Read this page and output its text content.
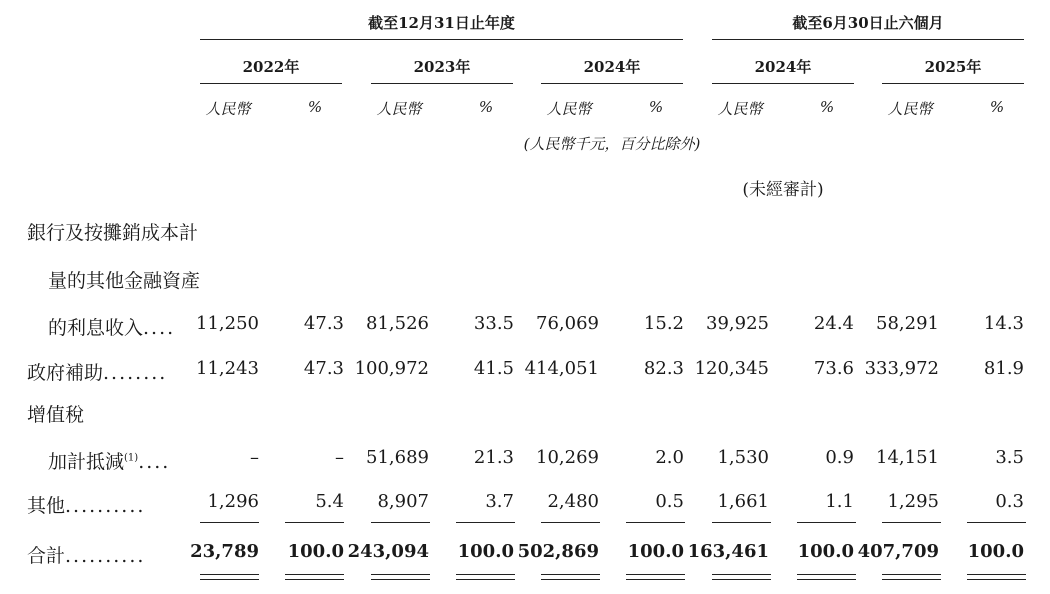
截至12月31日止年度	截至6月30日止六個月
2022年	2023年	2024年	2024年	2025年
人民幣	%	人民幣	%	人民幣	%	人民幣	%	人民幣	%
(人民幣千元，百分比除外)
(未經審計)
銀行及按攤銷成本計
量的其他金融資產
的利息收入....	11,250	47.3	81,526	33.5	76,069	15.2	39,925	24.4	58,291	14.3
政府補助........	11,243	47.3 100,972	41.5 414,051	82.3 120,345	73.6 333,972	81.9
增值稅
加計抵減$^{(1)}$....	–	–	51,689	21.3	10,269	2.0	1,530	0.9	14,151	3.5
其他..........	1,296	5.4	8,907	3.7	2,480	0.5	1,661	1.1	1,295	0.3
合計..........	23,789	100.0 243,094	100.0 502,869	100.0 163,461	100.0 407,709	100.0
